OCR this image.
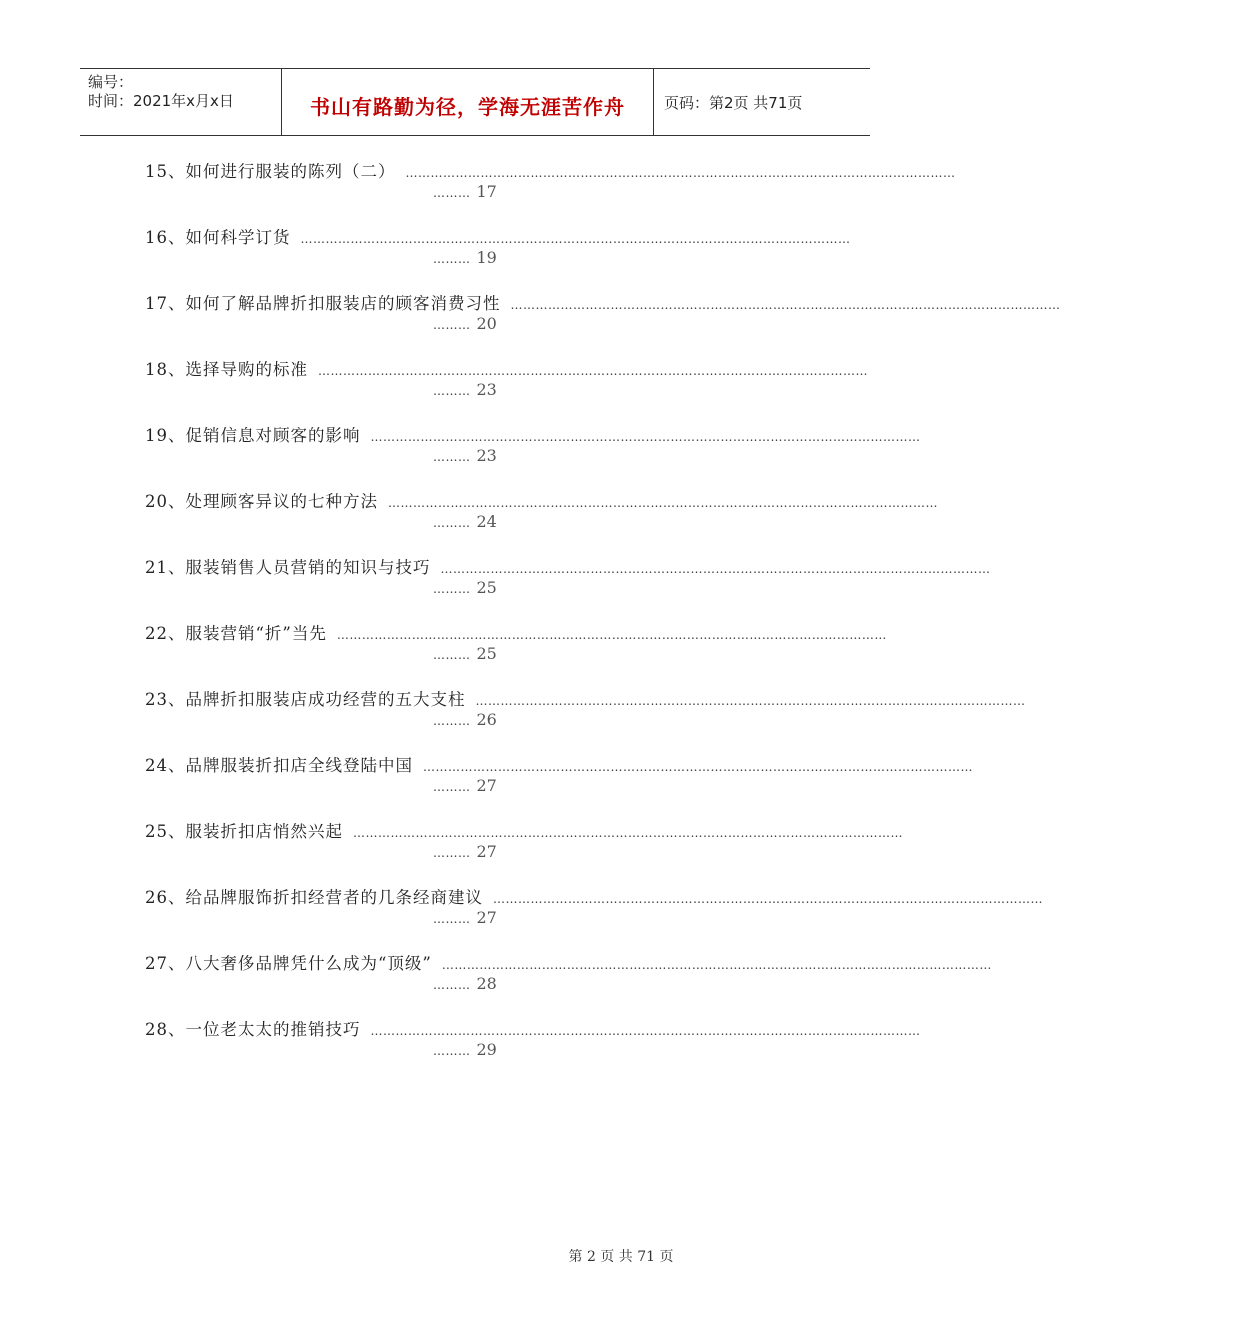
编号：
时间：2021年x月x日	书山有路勤为径，学海无涯苦作舟	页码：第2页 共71页
15、如何进行服装的陈列（二） ……………………………………………………………………………………………………………………
……… 17
16、如何科学订货 ……………………………………………………………………………………………………………………
……… 19
17、如何了解品牌折扣服装店的顾客消费习性 ……………………………………………………………………………………………………………………
……… 20
18、选择导购的标准 ……………………………………………………………………………………………………………………
……… 23
19、促销信息对顾客的影响 ……………………………………………………………………………………………………………………
……… 23
20、处理顾客异议的七种方法 ……………………………………………………………………………………………………………………
……… 24
21、服装销售人员营销的知识与技巧 ……………………………………………………………………………………………………………………
……… 25
22、服装营销“折”当先 ……………………………………………………………………………………………………………………
……… 25
23、品牌折扣服装店成功经营的五大支柱 ……………………………………………………………………………………………………………………
……… 26
24、品牌服装折扣店全线登陆中国 ……………………………………………………………………………………………………………………
……… 27
25、服装折扣店悄然兴起 ……………………………………………………………………………………………………………………
……… 27
26、给品牌服饰折扣经营者的几条经商建议 ……………………………………………………………………………………………………………………
……… 27
27、八大奢侈品牌凭什么成为“顶级” ……………………………………………………………………………………………………………………
……… 28
28、一位老太太的推销技巧 ……………………………………………………………………………………………………………………
……… 29
第 2 页 共 71 页
